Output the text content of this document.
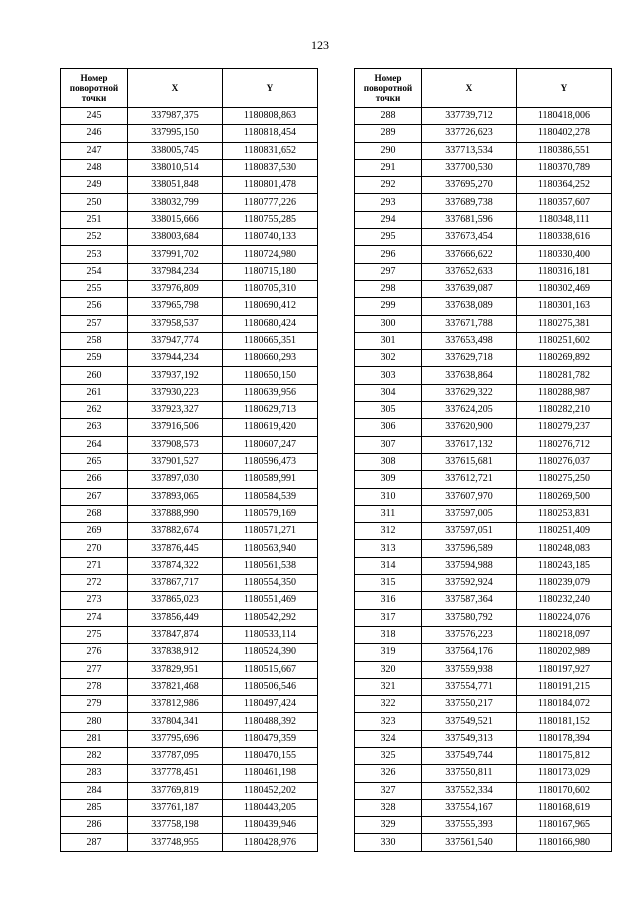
123
Номер поворотной точки	X	Y
245	337987,375	1180808,863
246	337995,150	1180818,454
247	338005,745	1180831,652
248	338010,514	1180837,530
249	338051,848	1180801,478
250	338032,799	1180777,226
251	338015,666	1180755,285
252	338003,684	1180740,133
253	337991,702	1180724,980
254	337984,234	1180715,180
255	337976,809	1180705,310
256	337965,798	1180690,412
257	337958,537	1180680,424
258	337947,774	1180665,351
259	337944,234	1180660,293
260	337937,192	1180650,150
261	337930,223	1180639,956
262	337923,327	1180629,713
263	337916,506	1180619,420
264	337908,573	1180607,247
265	337901,527	1180596,473
266	337897,030	1180589,991
267	337893,065	1180584,539
268	337888,990	1180579,169
269	337882,674	1180571,271
270	337876,445	1180563,940
271	337874,322	1180561,538
272	337867,717	1180554,350
273	337865,023	1180551,469
274	337856,449	1180542,292
275	337847,874	1180533,114
276	337838,912	1180524,390
277	337829,951	1180515,667
278	337821,468	1180506,546
279	337812,986	1180497,424
280	337804,341	1180488,392
281	337795,696	1180479,359
282	337787,095	1180470,155
283	337778,451	1180461,198
284	337769,819	1180452,202
285	337761,187	1180443,205
286	337758,198	1180439,946
287	337748,955	1180428,976
Номер поворотной точки	X	Y
288	337739,712	1180418,006
289	337726,623	1180402,278
290	337713,534	1180386,551
291	337700,530	1180370,789
292	337695,270	1180364,252
293	337689,738	1180357,607
294	337681,596	1180348,111
295	337673,454	1180338,616
296	337666,622	1180330,400
297	337652,633	1180316,181
298	337639,087	1180302,469
299	337638,089	1180301,163
300	337671,788	1180275,381
301	337653,498	1180251,602
302	337629,718	1180269,892
303	337638,864	1180281,782
304	337629,322	1180288,987
305	337624,205	1180282,210
306	337620,900	1180279,237
307	337617,132	1180276,712
308	337615,681	1180276,037
309	337612,721	1180275,250
310	337607,970	1180269,500
311	337597,005	1180253,831
312	337597,051	1180251,409
313	337596,589	1180248,083
314	337594,988	1180243,185
315	337592,924	1180239,079
316	337587,364	1180232,240
317	337580,792	1180224,076
318	337576,223	1180218,097
319	337564,176	1180202,989
320	337559,938	1180197,927
321	337554,771	1180191,215
322	337550,217	1180184,072
323	337549,521	1180181,152
324	337549,313	1180178,394
325	337549,744	1180175,812
326	337550,811	1180173,029
327	337552,334	1180170,602
328	337554,167	1180168,619
329	337555,393	1180167,965
330	337561,540	1180166,980
